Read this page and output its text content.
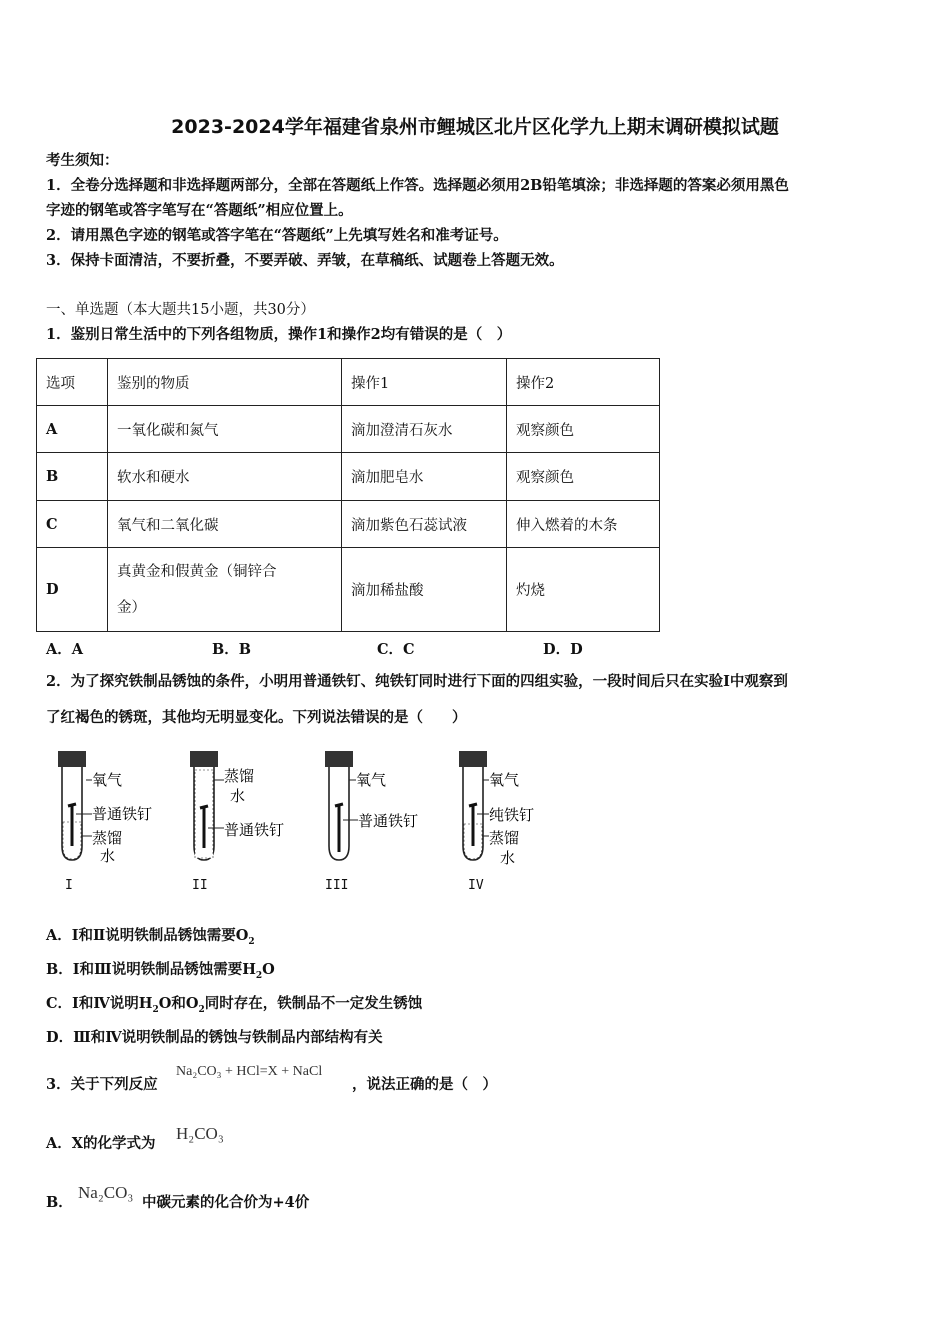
2023-2024学年福建省泉州市鲤城区北片区化学九上期末调研模拟试题
考生须知：
1．全卷分选择题和非选择题两部分，全部在答题纸上作答。选择题必须用2B铅笔填涂；非选择题的答案必须用黑色
字迹的钢笔或答字笔写在“答题纸”相应位置上。
2．请用黑色字迹的钢笔或答字笔在“答题纸”上先填写姓名和准考证号。
3．保持卡面清洁，不要折叠，不要弄破、弄皱，在草稿纸、试题卷上答题无效。
一、单选题（本大题共15小题，共30分）
1．鉴别日常生活中的下列各组物质，操作1和操作2均有错误的是（　）
选项	鉴别的物质	操作1	操作2
A	一氧化碳和氮气	滴加澄清石灰水	观察颜色
B	软水和硬水	滴加肥皂水	观察颜色
C	氧气和二氧化碳	滴加紫色石蕊试液	伸入燃着的木条
D	真黄金和假黄金（铜锌合
金）	滴加稀盐酸	灼烧
A．A	B．B	C．C	D．D
2．为了探究铁制品锈蚀的条件，小明用普通铁钉、纯铁钉同时进行下面的四组实验，一段时间后只在实验Ⅰ中观察到
了红褐色的锈斑，其他均无明显变化。下列说法错误的是（　　）
氧气
普通铁钉
蒸馏
水
蒸馏
水
普通铁钉
氧气
普通铁钉
氧气
纯铁钉
蒸馏
水
I	II	III	IV
A．Ⅰ和Ⅱ说明铁制品锈蚀需要$O_2$
B．Ⅰ和Ⅲ说明铁制品锈蚀需要$H_2O$
C．Ⅰ和Ⅳ说明$H_2O$和$O_2$同时存在，铁制品不一定发生锈蚀
D．Ⅲ和Ⅳ说明铁制品的锈蚀与铁制品内部结构有关
3．关于下列反应
Na₂CO₃ + HCl=X + NaCl
，说法正确的是（　）
A．X的化学式为
H₂CO₃
B．
Na₂CO₃
中碳元素的化合价为+4价
